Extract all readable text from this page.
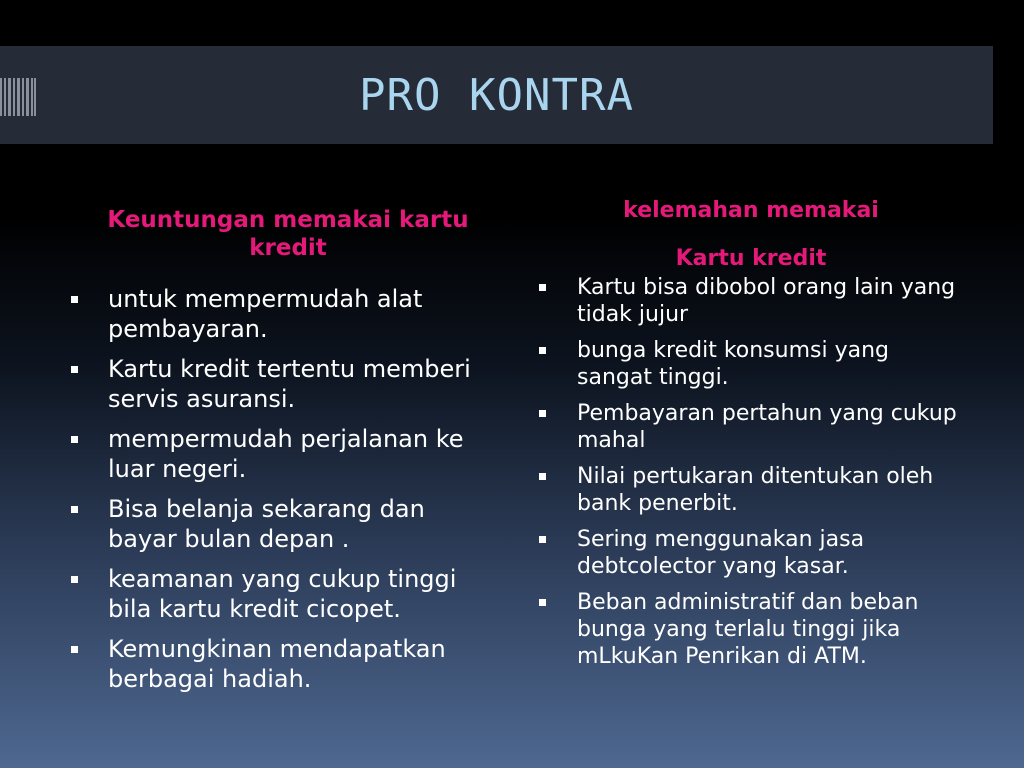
PRO KONTRA
Keuntungan memakai kartu kredit
untuk mempermudah alat pembayaran.
Kartu kredit tertentu memberi servis asuransi.
mempermudah perjalanan ke luar negeri.
Bisa belanja sekarang dan bayar bulan depan .
keamanan yang cukup tinggi bila kartu kredit cicopet.
Kemungkinan mendapatkan berbagai hadiah.
kelemahan memakai
Kartu kredit
Kartu bisa dibobol orang lain yang tidak jujur
bunga kredit konsumsi yang sangat tinggi.
Pembayaran pertahun yang cukup mahal
Nilai pertukaran ditentukan oleh bank penerbit.
Sering menggunakan jasa debtcolector yang kasar.
Beban administratif dan beban bunga yang terlalu tinggi jika mLkuKan Penrikan di ATM.
